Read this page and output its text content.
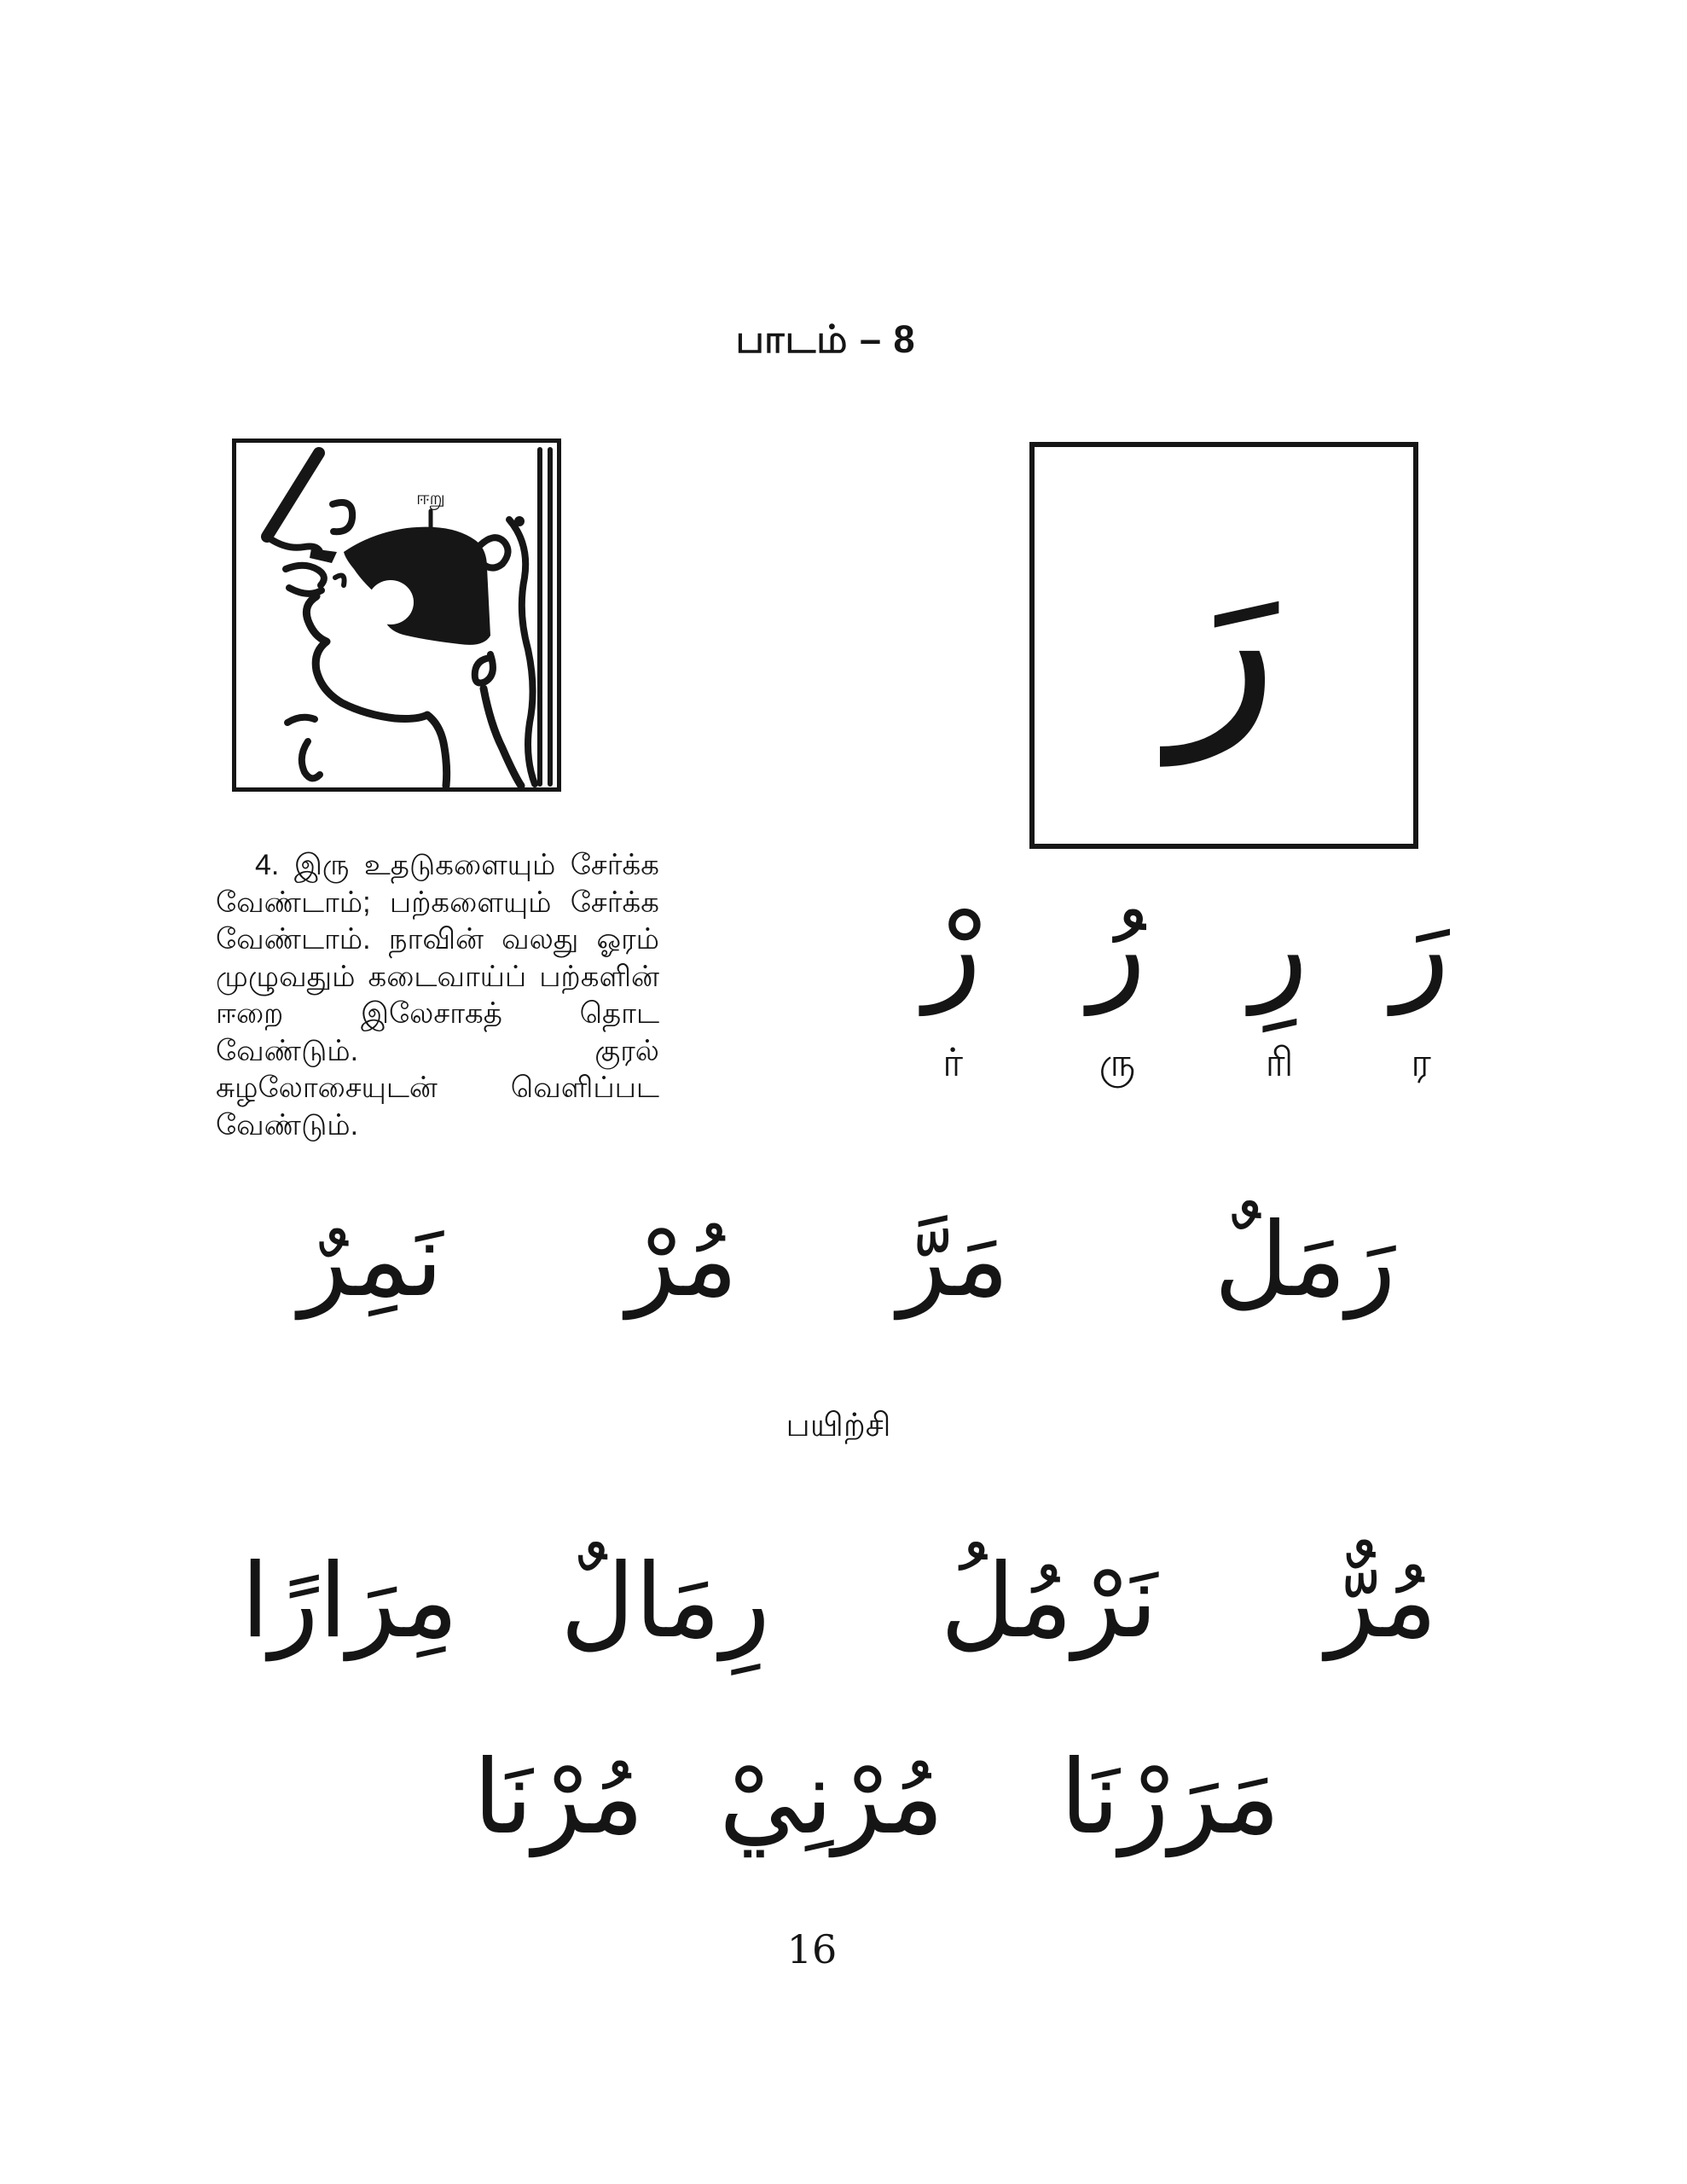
பாடம் – 8
ஈறு
رَ
رْ
ர்
رُ
ரு
رِ
ரி
رَ
ர
4. இரு உதடுகளையும் சேர்க்க வேண்டாம்; பற்களையும் சேர்க்க வேண்டாம். நாவின் வலது ஓரம் முழுவதும் கடைவாய்ப் பற்களின் ஈறை இலேசாகத் தொட வேண்டும். குரல் சுழலோசையுடன் வெளிப்பட வேண்டும்.
نَمِرٌ مُرْ مَرَّ رَمَلٌ
பயிற்சி
مِرَارًا رِمَالٌ نَرْمُلُ مُرٌّ
مُرْنَا مُرْنِيْ مَرَرْنَا
16
